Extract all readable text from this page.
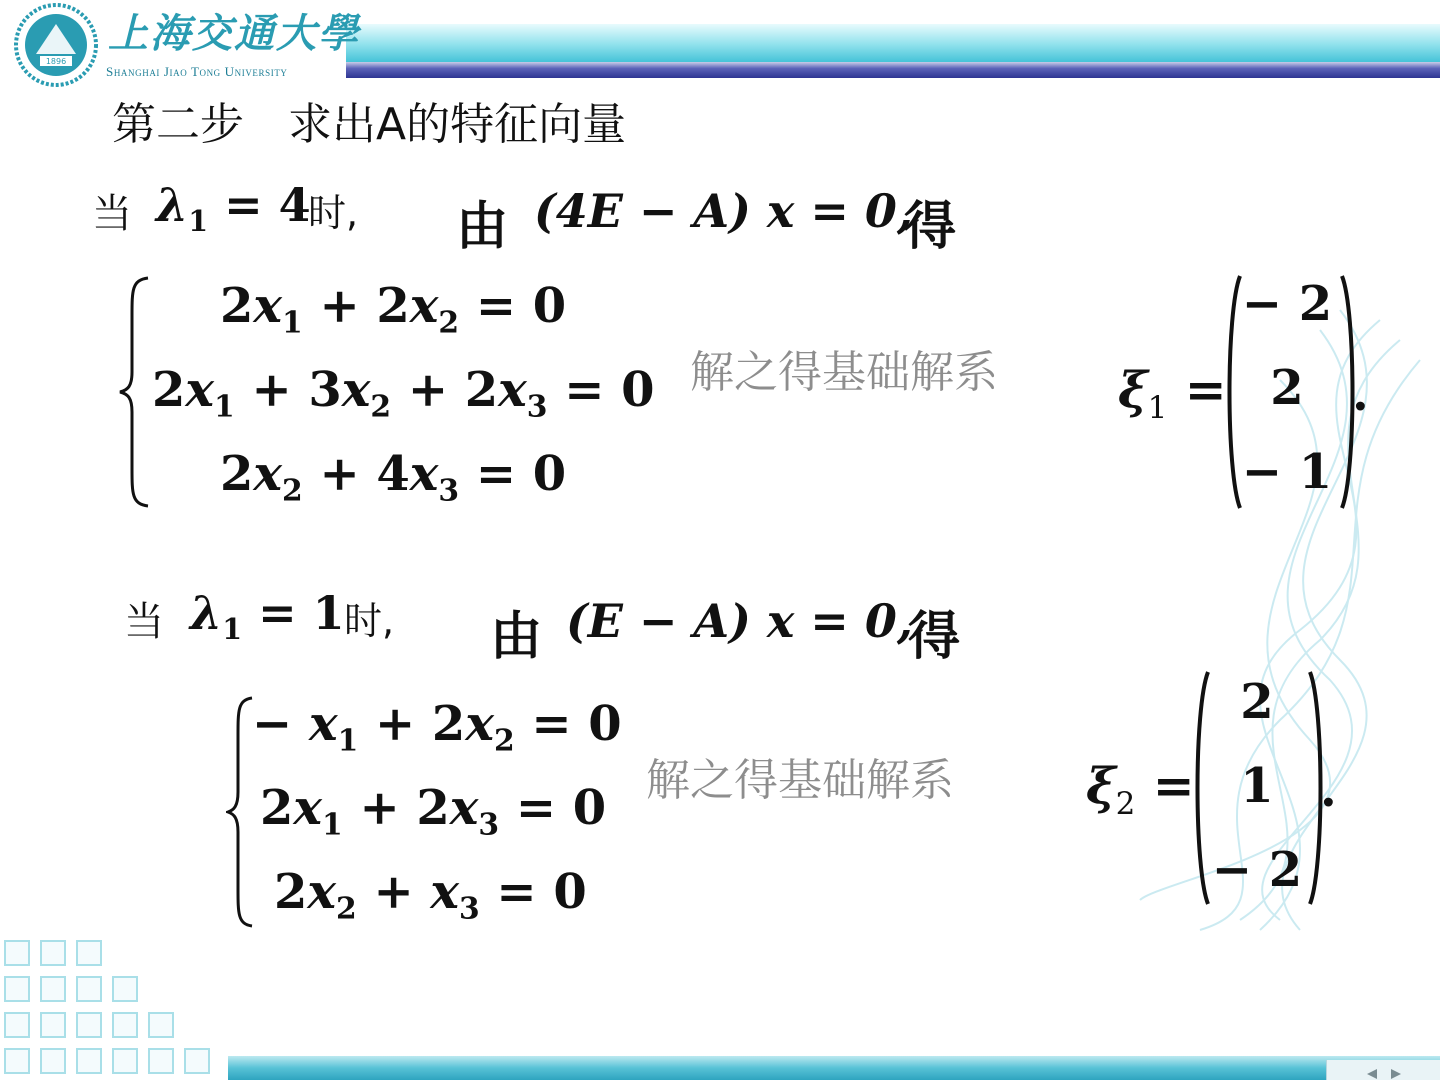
1896
上海交通大學
Shanghai Jiao Tong University
第二步　求出A的特征向量
当 $\lambda_1 = 4$
时, 由 (4E − A) x = 0,
得
$2x_1 + 2x_2 = 0$
$2x_1 + 3x_2 + 2x_3 = 0$
$2x_2 + 4x_3 = 0$
解之得基础解系 $\xi_1$ =
− 2
2
− 1
.
当 $\lambda_1 = 1$ 时, 由 (E − A) x = 0,
得
− $x_1 + 2x_2 = 0$
$2x_1 + 2x_3 = 0$
$2x_2 + x_3 = 0$
解之得基础解系	$\xi_2$ =
2
1
− 2
.
